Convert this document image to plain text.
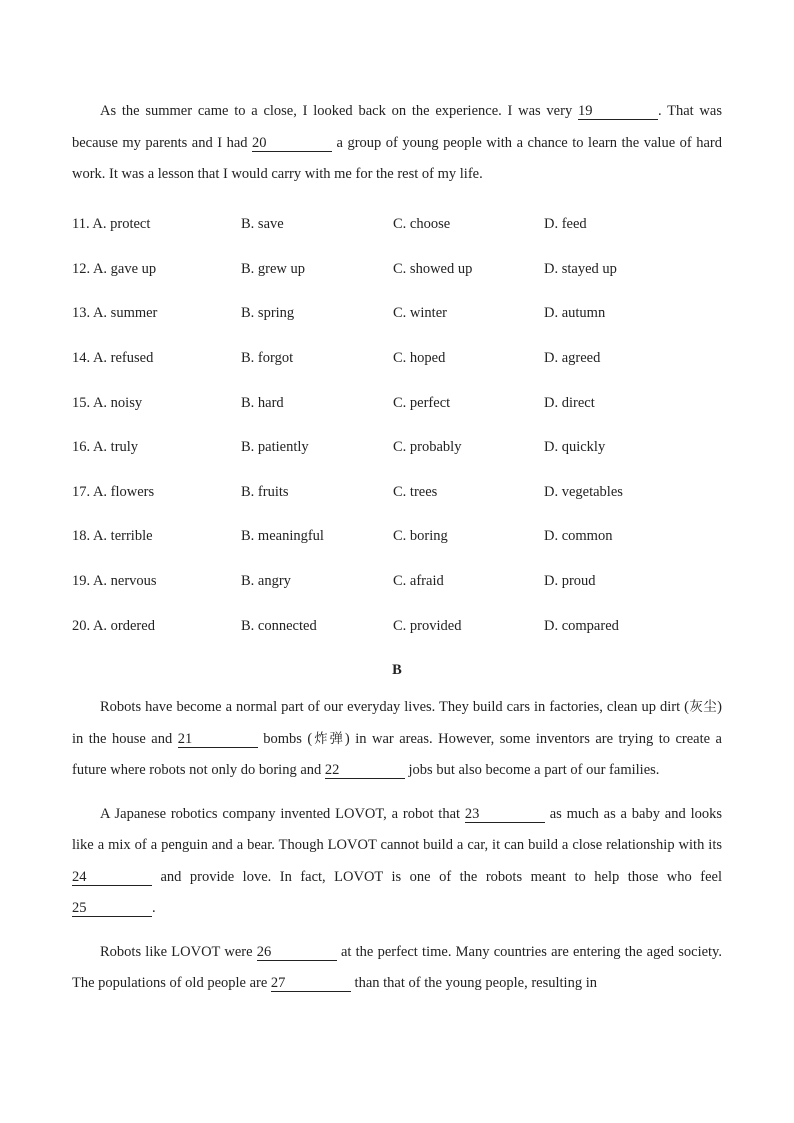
As the summer came to a close, I looked back on the experience. I was very 19	. That was because my parents and I had 20	a group of young people with a chance to learn the value of hard work. It was a lesson that I would carry with me for the rest of my life.

11. A. protect	B. save	C. choose	D. feed
12. A. gave up	B. grew up	C. showed up	D. stayed up
13. A. summer	B. spring	C. winter	D. autumn
14. A. refused	B. forgot	C. hoped	D. agreed
15. A. noisy	B. hard	C. perfect	D. direct
16. A. truly	B. patiently	C. probably	D. quickly
17. A. flowers	B. fruits	C. trees	D. vegetables
18. A. terrible	B. meaningful	C. boring	D. common
19. A. nervous	B. angry	C. afraid	D. proud
20. A. ordered	B. connected	C. provided	D. compared
B

Robots have become a normal part of our everyday lives. They build cars in factories, clean up dirt (灰尘) in the house and 21	bombs (炸弹) in war areas. However, some inventors are trying to create a future where robots not only do boring and 22	jobs but also become a part of our families.

A Japanese robotics company invented LOVOT, a robot that 23	as much as a baby and looks like a mix of a penguin and a bear. Though LOVOT cannot build a car, it can build a close relationship with its 24	and provide love. In fact, LOVOT is one of the robots meant to help those who feel 25	.

Robots like LOVOT were 26	at the perfect time. Many countries are entering the aged society. The populations of old people are 27	than that of the young people, resulting in
